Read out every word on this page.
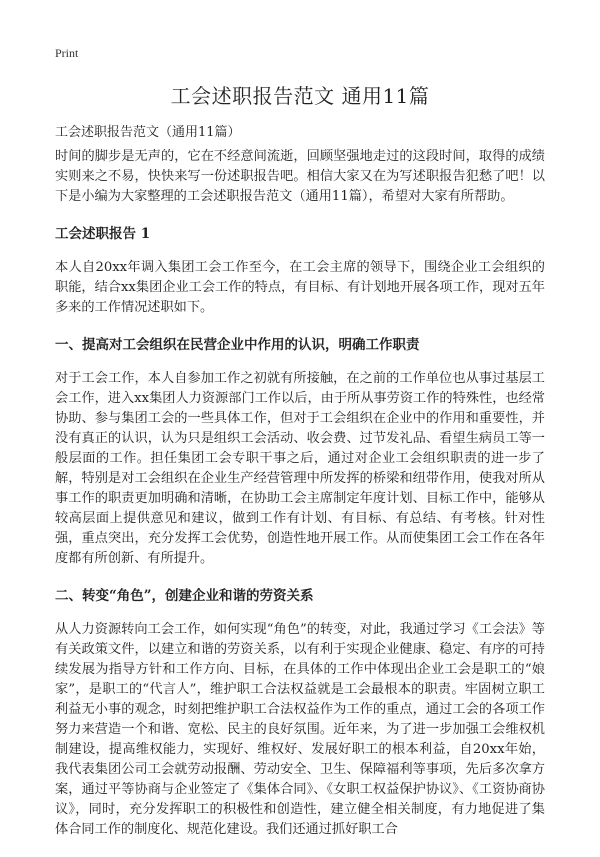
Print
工会述职报告范文 通用11篇

工会述职报告范文（通用11篇）

时间的脚步是无声的，它在不经意间流逝，回顾坚强地走过的这段时间，取得的成绩实则来之不易，快快来写一份述职报告吧。相信大家又在为写述职报告犯愁了吧！以下是小编为大家整理的工会述职报告范文（通用11篇），希望对大家有所帮助。

工会述职报告 1

本人自20xx年调入集团工会工作至今，在工会主席的领导下，围绕企业工会组织的职能，结合xx集团企业工会工作的特点，有目标、有计划地开展各项工作，现对五年多来的工作情况述职如下。

一、提高对工会组织在民营企业中作用的认识，明确工作职责

对于工会工作，本人自参加工作之初就有所接触，在之前的工作单位也从事过基层工会工作，进入xx集团人力资源部门工作以后，由于所从事劳资工作的特殊性，也经常协助、参与集团工会的一些具体工作，但对于工会组织在企业中的作用和重要性，并没有真正的认识，认为只是组织工会活动、收会费、过节发礼品、看望生病员工等一般层面的工作。担任集团工会专职干事之后，通过对企业工会组织职责的进一步了解，特别是对工会组织在企业生产经营管理中所发挥的桥梁和纽带作用，使我对所从事工作的职责更加明确和清晰，在协助工会主席制定年度计划、目标工作中，能够从较高层面上提供意见和建议，做到工作有计划、有目标、有总结、有考核。针对性强，重点突出，充分发挥工会优势，创造性地开展工作。从而使集团工会工作在各年度都有所创新、有所提升。

二、转变“角色”，创建企业和谐的劳资关系

从人力资源转向工会工作，如何实现“角色”的转变，对此，我通过学习《工会法》等有关政策文件，以建立和谐的劳资关系，以有利于实现企业健康、稳定、有序的可持续发展为指导方针和工作方向、目标，在具体的工作中体现出企业工会是职工的“娘家”，是职工的“代言人”，维护职工合法权益就是工会最根本的职责。牢固树立职工利益无小事的观念，时刻把维护职工合法权益作为工作的重点，通过工会的各项工作努力来营造一个和谐、宽松、民主的良好氛围。近年来，为了进一步加强工会维权机制建设，提高维权能力，实现好、维权好、发展好职工的根本利益，自20xx年始，我代表集团公司工会就劳动报酬、劳动安全、卫生、保障福利等事项，先后多次拿方案，通过平等协商与企业签定了《集体合同》、《女职工权益保护协议》、《工资协商协议》，同时，充分发挥职工的积极性和创造性，建立健全相关制度，有力地促进了集体合同工作的制度化、规范化建设。我们还通过抓好职工合
